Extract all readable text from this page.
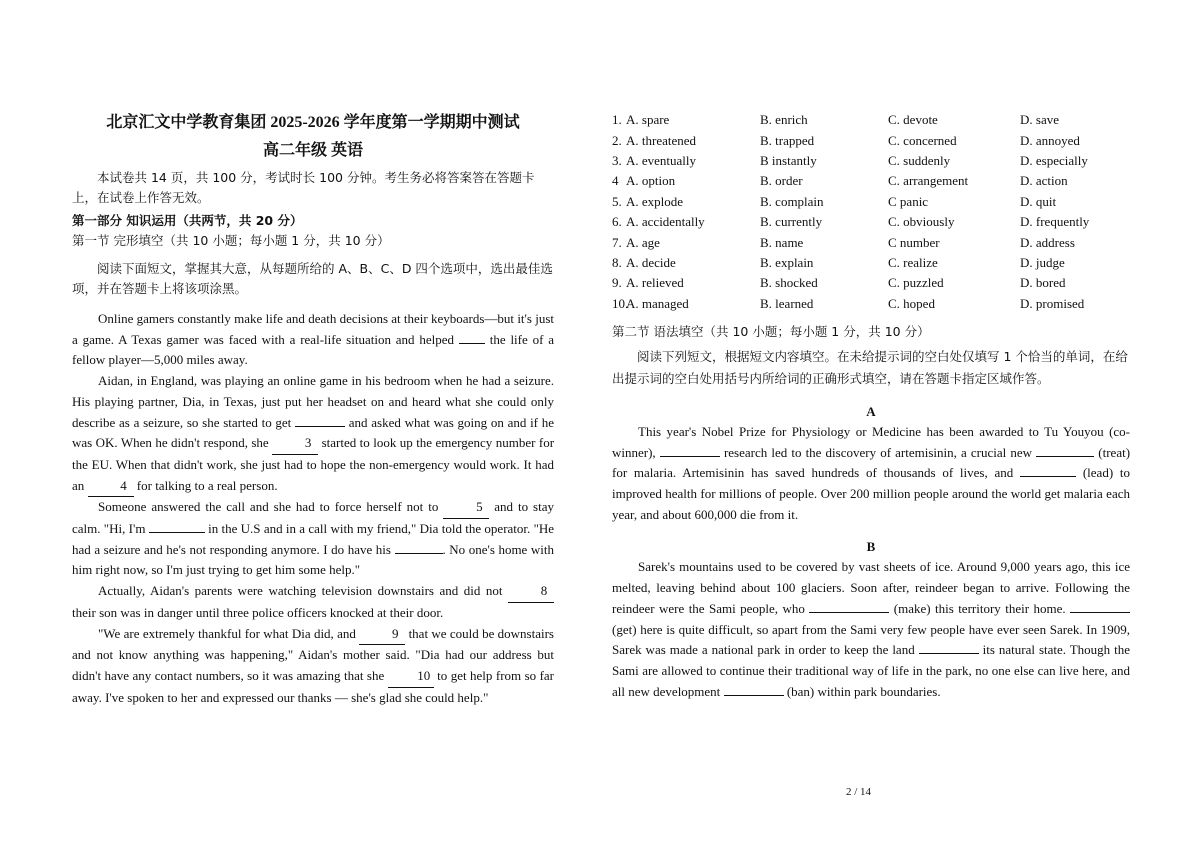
北京汇文中学教育集团 2025-2026 学年度第一学期期中测试

高二年级 英语

本试卷共 14 页，共 100 分，考试时长 100 分钟。考生务必将答案答在答题卡上，在试卷上作答无效。

第一部分 知识运用（共两节，共 20 分）

第一节 完形填空（共 10 小题；每小题 1 分，共 10 分）

阅读下面短文，掌握其大意，从每题所给的 A、B、C、D 四个选项中，选出最佳选项，并在答题卡上将该项涂黑。

Online gamers constantly make life and death decisions at their keyboards—but it's just a game. A Texas gamer was faced with a real-life situation and helped	the life of a fellow player—5,000 miles away.

Aidan, in England, was playing an online game in his bedroom when he had a seizure. His playing partner, Dia, in Texas, just put her headset on and heard what she could only describe as a seizure, so she started to get	and asked what was going on and if he was OK. When he didn't respond, she	3 started to look up the emergency number for the EU. When that didn't work, she just had to hope the non-emergency would work. It had an	4 for talking to a real person.

Someone answered the call and she had to force herself not to	5 and to stay calm. "Hi, I'm	in the U.S and in a call with my friend," Dia told the operator. "He had a seizure and he's not responding anymore. I do have his	. No one's home with him right now, so I'm just trying to get him some help."

Actually, Aidan's parents were watching television downstairs and did not	8 their son was in danger until three police officers knocked at their door.

"We are extremely thankful for what Dia did, and	9 that we could be downstairs and not know anything was happening," Aidan's mother said. "Dia had our address but didn't have any contact numbers, so it was amazing that she	10 to get help from so far away. I've spoken to her and expressed our thanks — she's glad she could help."

1. A. spare	B. enrich	C. devote	D. save
2. A. threatened	B. trapped	C. concerned	D. annoyed
3. A. eventually	B instantly	C. suddenly	D. especially
4 A. option	B. order	C. arrangement	D. action
5. A. explode	B. complain	C panic	D. quit
6. A. accidentally	B. currently	C. obviously	D. frequently
7. A. age	B. name	C number	D. address
8. A. decide	B. explain	C. realize	D. judge
9. A. relieved	B. shocked	C. puzzled	D. bored
10.A. managed	B. learned	C. hoped	D. promised

第二节 语法填空（共 10 小题；每小题 1 分，共 10 分）

阅读下列短文，根据短文内容填空。在未给提示词的空白处仅填写 1 个恰当的单词，在给出提示词的空白处用括号内所给词的正确形式填空，请在答题卡指定区域作答。

A

This year's Nobel Prize for Physiology or Medicine has been awarded to Tu Youyou (co-winner),	research led to the discovery of artemisinin, a crucial new	(treat) for malaria. Artemisinin has saved hundreds of thousands of lives, and	(lead) to improved health for millions of people. Over 200 million people around the world get malaria each year, and about 600,000 die from it.

B

Sarek's mountains used to be covered by vast sheets of ice. Around 9,000 years ago, this ice melted, leaving behind about 100 glaciers. Soon after, reindeer began to arrive. Following the reindeer were the Sami people, who	(make) this territory their home.  (get) here is quite difficult, so apart from the Sami very few people have ever seen Sarek. In 1909, Sarek was made a national park in order to keep the land	its natural state. Though the Sami are allowed to continue their traditional way of life in the park, no one else can live here, and all new development	(ban) within park boundaries.

2 / 14
